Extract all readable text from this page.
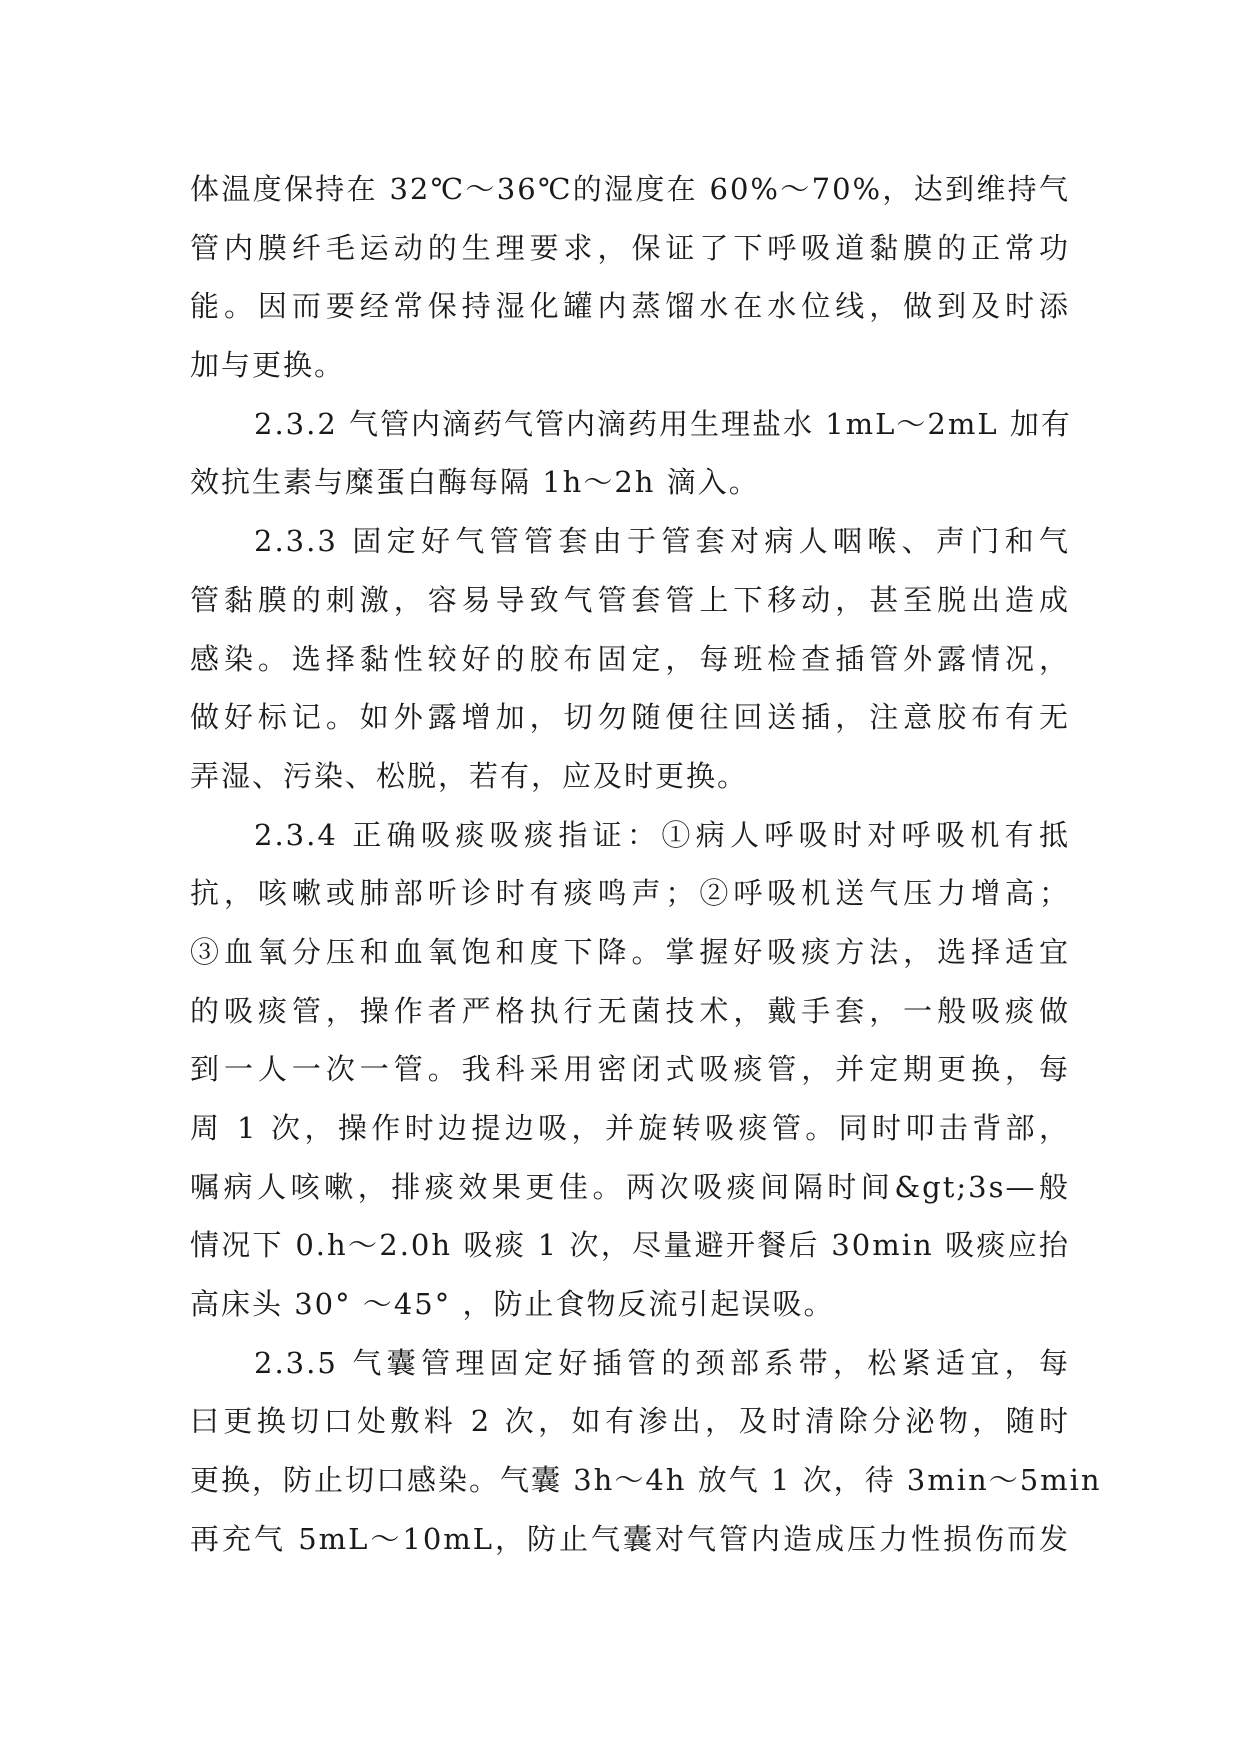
体温度保持在 32℃～36℃的湿度在 60%～70%，达到维持气
管内膜纤毛运动的生理要求，保证了下呼吸道黏膜的正常功
能。因而要经常保持湿化罐内蒸馏水在水位线，做到及时添
加与更换。
2.3.2 气管内滴药气管内滴药用生理盐水 1mL～2mL 加有
效抗生素与糜蛋白酶每隔 1h～2h 滴入。
2.3.3 固定好气管管套由于管套对病人咽喉、声门和气
管黏膜的刺激，容易导致气管套管上下移动，甚至脱出造成
感染。选择黏性较好的胶布固定，每班检查插管外露情况，
做好标记。如外露增加，切勿随便往回送插，注意胶布有无
弄湿、污染、松脱，若有，应及时更换。
2.3.4 正确吸痰吸痰指证：①病人呼吸时对呼吸机有抵
抗，咳嗽或肺部听诊时有痰鸣声；②呼吸机送气压力增高；
③血氧分压和血氧饱和度下降。掌握好吸痰方法，选择适宜
的吸痰管，操作者严格执行无菌技术，戴手套，一般吸痰做
到一人一次一管。我科采用密闭式吸痰管，并定期更换，每
周 1 次，操作时边提边吸，并旋转吸痰管。同时叩击背部，
嘱病人咳嗽，排痰效果更佳。两次吸痰间隔时间&gt;3s—般
情况下 0.h～2.0h 吸痰 1 次，尽量避开餐后 30min 吸痰应抬
高床头 30° ～45° ，防止食物反流引起误吸。
2.3.5 气囊管理固定好插管的颈部系带，松紧适宜，每
曰更换切口处敷料 2 次，如有渗出，及时清除分泌物，随时
更换，防止切口感染。气囊 3h～4h 放气 1 次，待 3min～5min
再充气 5mL～10mL，防止气囊对气管内造成压力性损伤而发
